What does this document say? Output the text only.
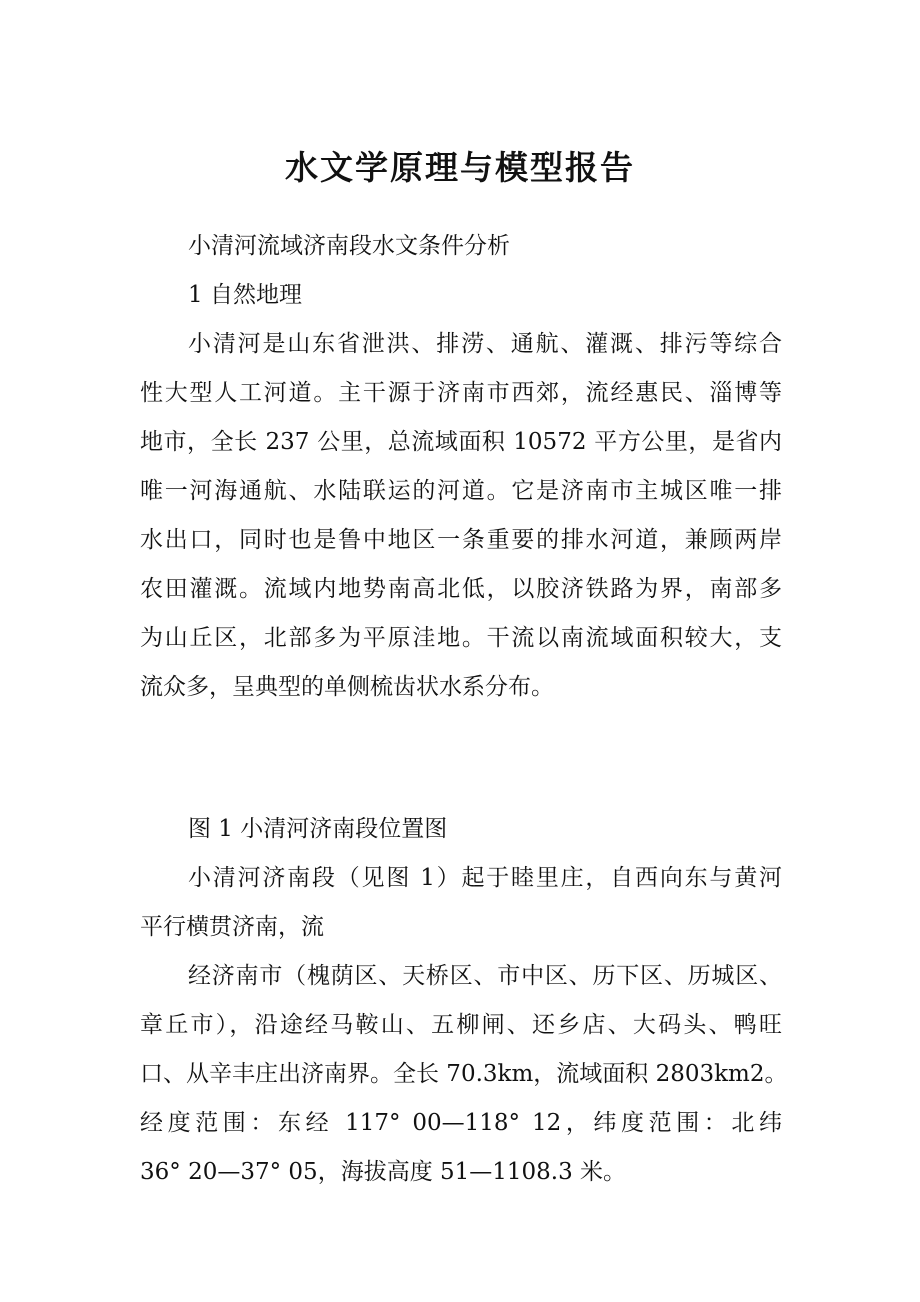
水文学原理与模型报告
小清河流域济南段水文条件分析
1 自然地理
小清河是山东省泄洪、排涝、通航、灌溉、排污等综合
性大型人工河道。主干源于济南市西郊，流经惠民、淄博等
地市，全长 237 公里，总流域面积 10572 平方公里，是省内
唯一河海通航、水陆联运的河道。它是济南市主城区唯一排
水出口，同时也是鲁中地区一条重要的排水河道，兼顾两岸
农田灌溉。流域内地势南高北低，以胶济铁路为界，南部多
为山丘区，北部多为平原洼地。干流以南流域面积较大，支
流众多，呈典型的单侧梳齿状水系分布。
图 1 小清河济南段位置图
小清河济南段（见图 1）起于睦里庄，自西向东与黄河
平行横贯济南，流
经济南市（槐荫区、天桥区、市中区、历下区、历城区、
章丘市），沿途经马鞍山、五柳闸、还乡店、大码头、鸭旺
口、从辛丰庄出济南界。全长 70.3km，流域面积 2803km2。
经度范围：东经 117° 00—118° 12，纬度范围：北纬
36° 20—37° 05，海拔高度 51—1108.3 米。
